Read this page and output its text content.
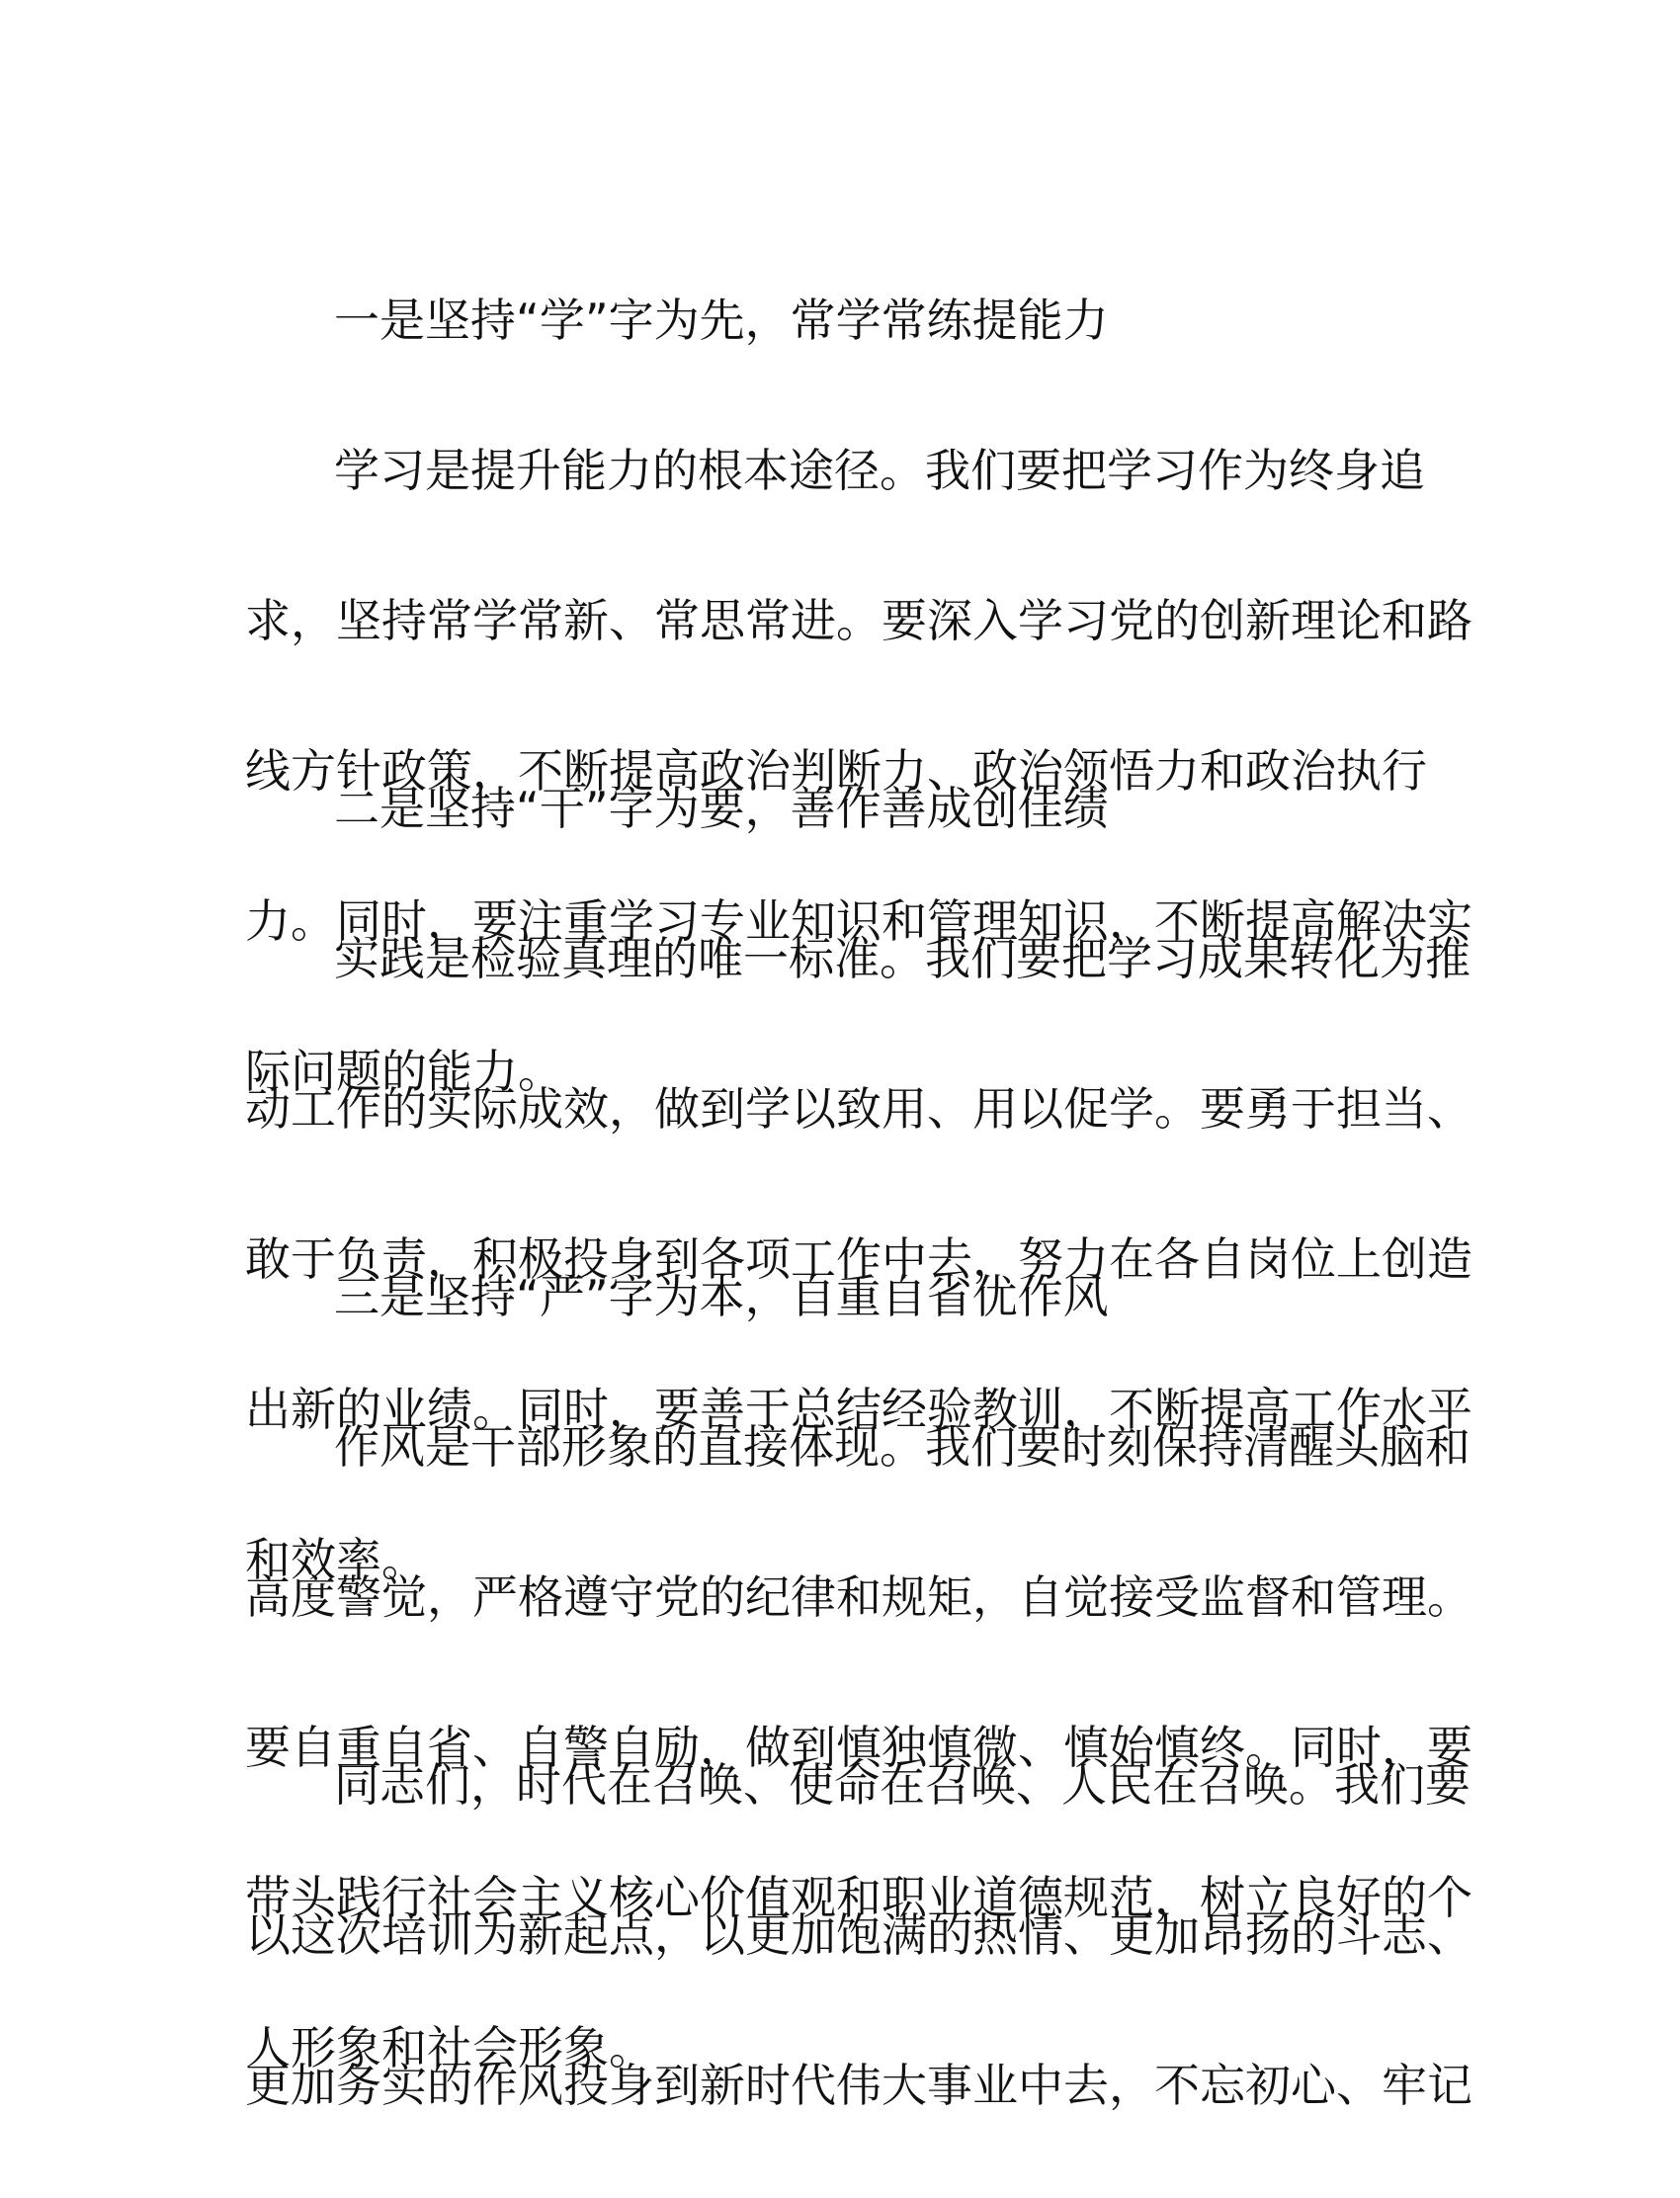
一是坚持“学”字为先，常学常练提能力

学习是提升能力的根本途径。我们要把学习作为终身追

求，坚持常学常新、常思常进。要深入学习党的创新理论和路

线方针政策，不断提高政治判断力、政治领悟力和政治执行

力。同时，要注重学习专业知识和管理知识，不断提高解决实

际问题的能力。

二是坚持“干”字为要，善作善成创佳绩

实践是检验真理的唯一标准。我们要把学习成果转化为推

动工作的实际成效，做到学以致用、用以促学。要勇于担当、

敢于负责，积极投身到各项工作中去，努力在各自岗位上创造

出新的业绩。同时，要善于总结经验教训，不断提高工作水平

和效率。

三是坚持“严”字为本，自重自省优作风

作风是干部形象的直接体现。我们要时刻保持清醒头脑和

高度警觉，严格遵守党的纪律和规矩，自觉接受监督和管理。

要自重自省、自警自励，做到慎独慎微、慎始慎终。同时，要

带头践行社会主义核心价值观和职业道德规范，树立良好的个

人形象和社会形象。

同志们，时代在召唤、使命在召唤、人民在召唤。我们要

以这次培训为新起点，以更加饱满的热情、更加昂扬的斗志、

更加务实的作风投身到新时代伟大事业中去，不忘初心、牢记
